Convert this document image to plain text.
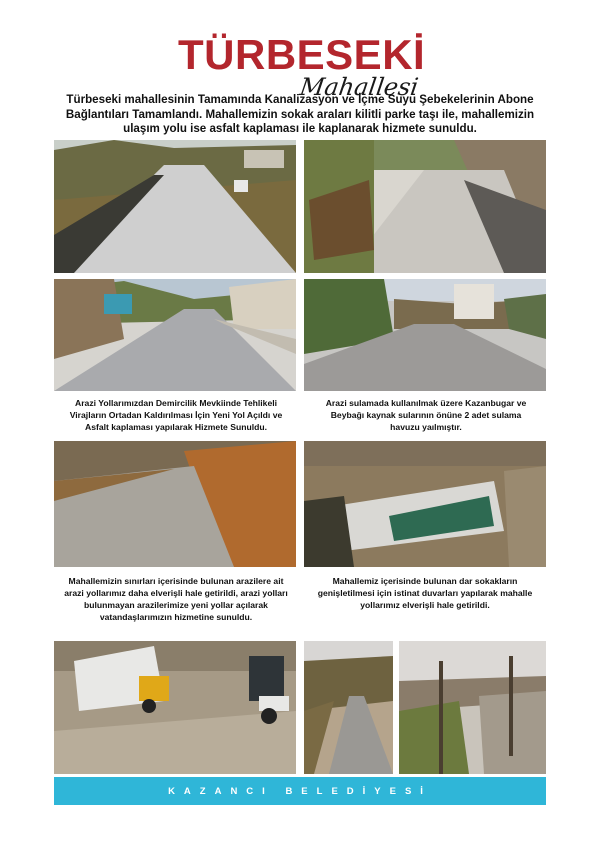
TÜRBESEKİ
Mahallesi
Türbeseki mahallesinin Tamamında Kanalizasyon ve İçme Suyu Şebekelerinin Abone Bağlantıları Tamamlandı. Mahallemizin sokak araları kilitli parke taşı ile, mahallemizin ulaşım yolu ise asfalt kaplaması ile kaplanarak hizmete sunuldu.
Arazi Yollarımızdan Demircilik Mevkiinde Tehlikeli Virajların Ortadan Kaldırılması İçin Yeni Yol Açıldı ve Asfalt kaplaması yapılarak Hizmete Sunuldu.
Arazi sulamada kullanılmak üzere Kazanbugar ve Beybağı kaynak sularının önüne 2 adet sulama havuzu yaılmıştır.
Mahallemizin sınırları içerisinde bulunan arazilere ait arazi yollarımız daha elverişli hale getirildi, arazi yolları bulunmayan arazilerimize yeni yollar açılarak vatandaşlarımızın hizmetine sunuldu.
Mahallemiz içerisinde bulunan dar sokakların genişletilmesi için istinat duvarları yapılarak mahalle yollarımız elverişli hale getirildi.
KAZANCI BELEDİYESİ
